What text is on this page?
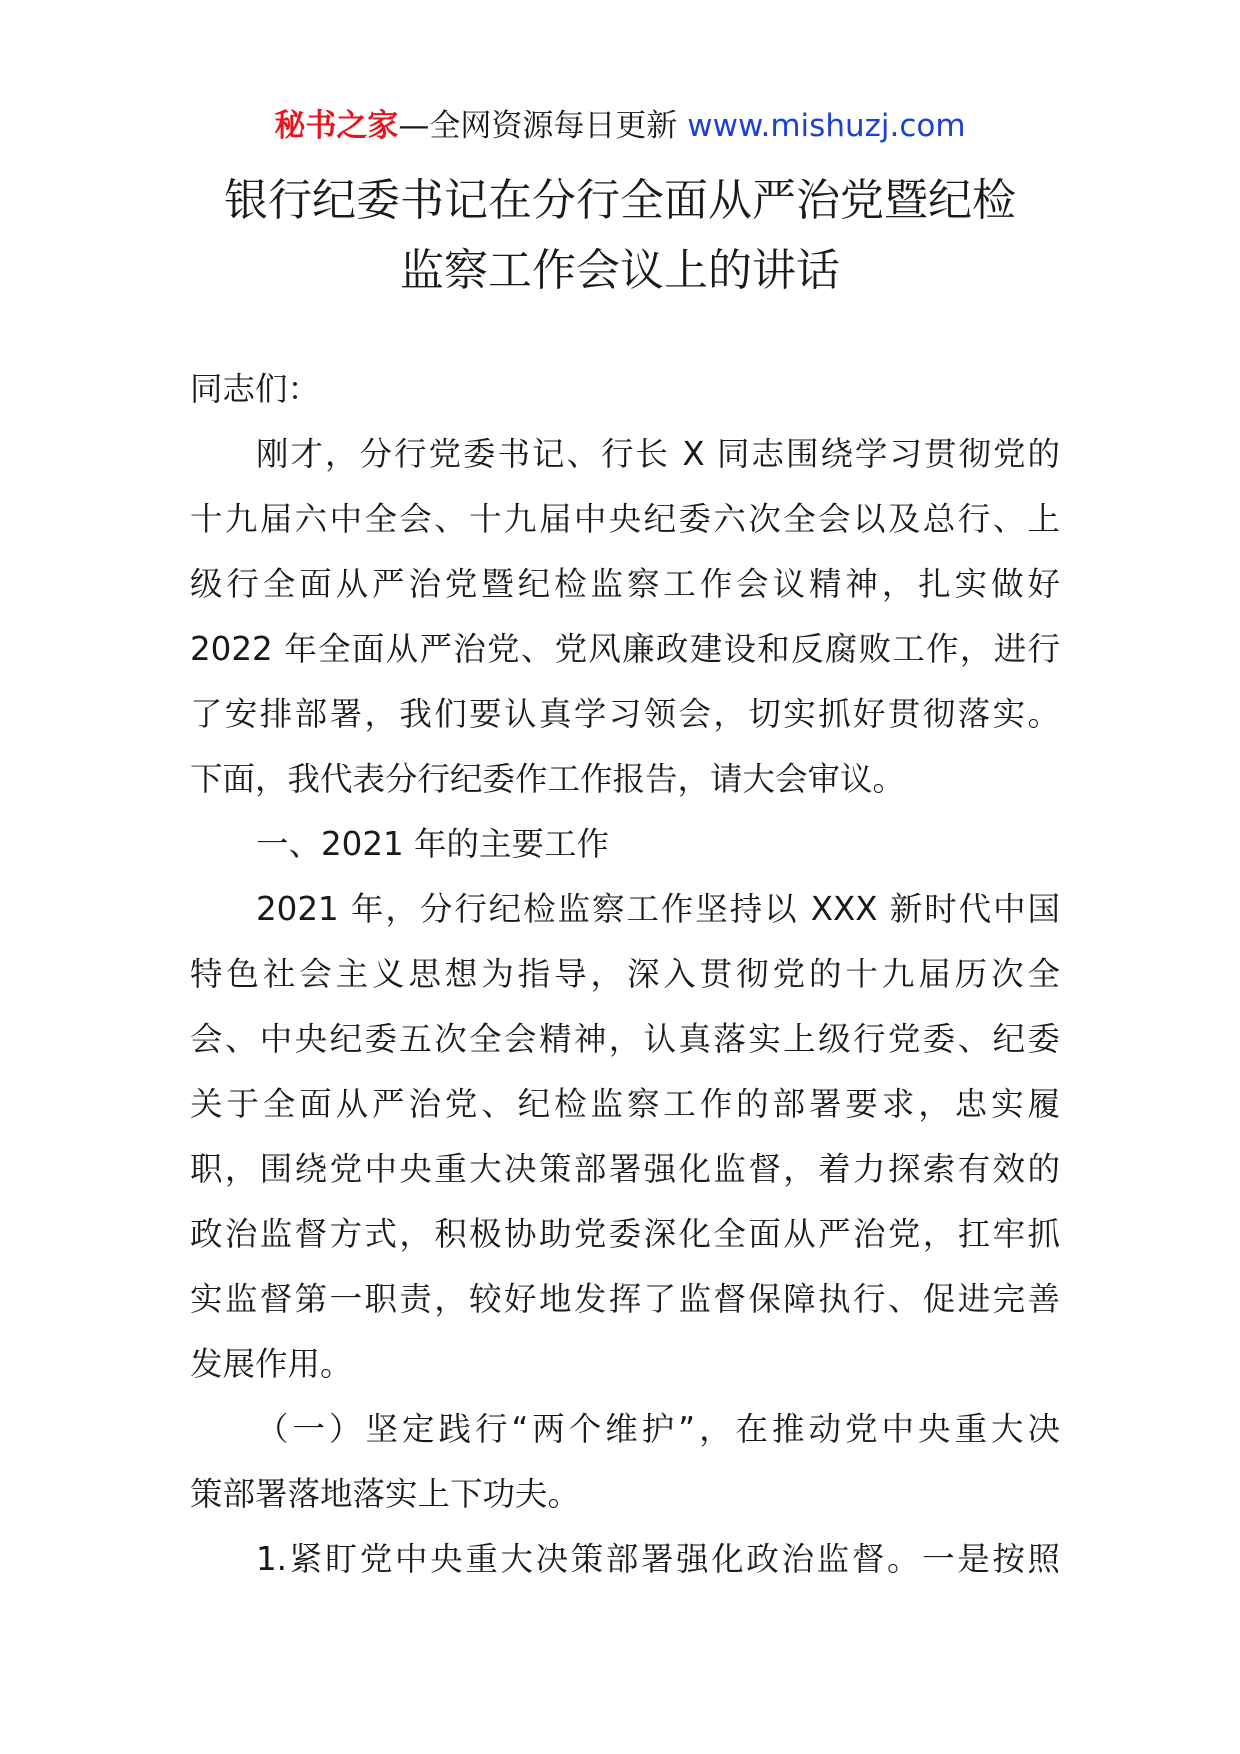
秘书之家—全网资源每日更新 www.mishuzj.com
银行纪委书记在分行全面从严治党暨纪检
监察工作会议上的讲话
同志们：
刚才，分行党委书记、行长 X 同志围绕学习贯彻党的
十九届六中全会、十九届中央纪委六次全会以及总行、上
级行全面从严治党暨纪检监察工作会议精神，扎实做好
2022 年全面从严治党、党风廉政建设和反腐败工作，进行
了安排部署，我们要认真学习领会，切实抓好贯彻落实。
下面，我代表分行纪委作工作报告，请大会审议。
一、2021 年的主要工作
2021 年，分行纪检监察工作坚持以 XXX 新时代中国
特色社会主义思想为指导，深入贯彻党的十九届历次全
会、中央纪委五次全会精神，认真落实上级行党委、纪委
关于全面从严治党、纪检监察工作的部署要求，忠实履
职，围绕党中央重大决策部署强化监督，着力探索有效的
政治监督方式，积极协助党委深化全面从严治党，扛牢抓
实监督第一职责，较好地发挥了监督保障执行、促进完善
发展作用。
（一）坚定践行“两个维护”，在推动党中央重大决
策部署落地落实上下功夫。
1.紧盯党中央重大决策部署强化政治监督。一是按照
